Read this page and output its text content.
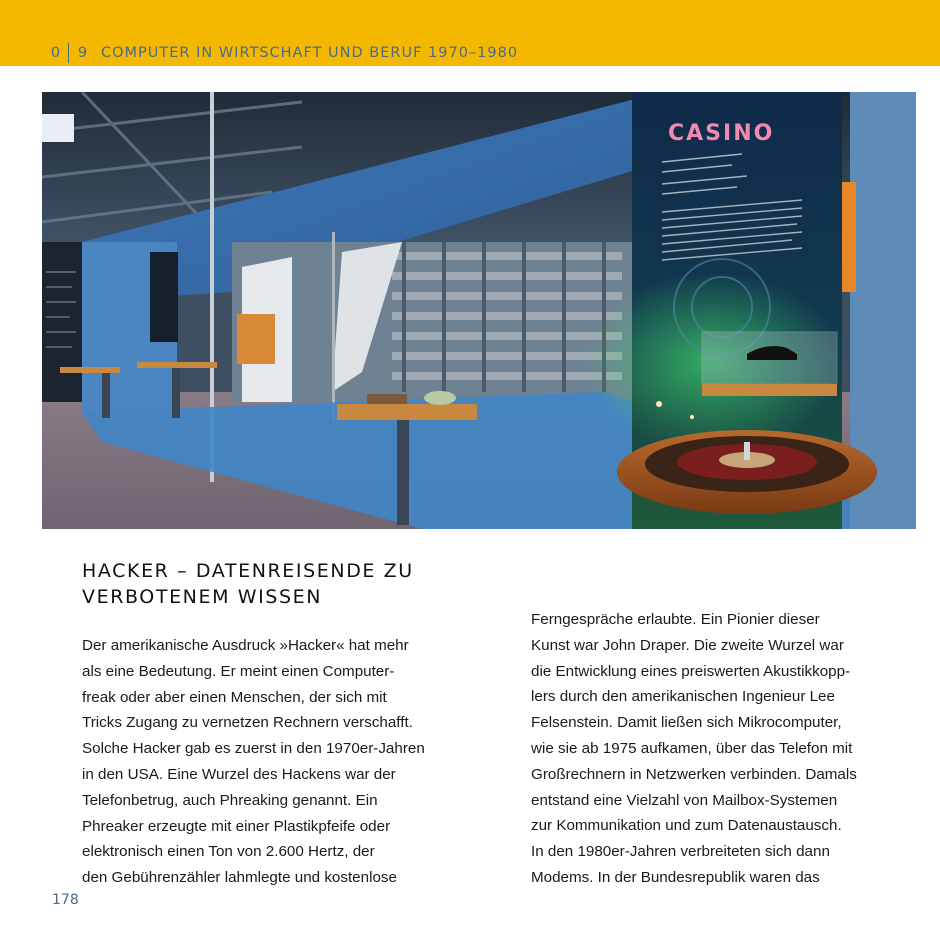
0 9 COMPUTER IN WIRTSCHAFT UND BERUF 1970–1980
CASINO
HACKER – DATENREISENDE ZU
VERBOTENEM WISSEN
Der amerikanische Ausdruck »Hacker« hat mehr
als eine Bedeutung. Er meint einen Computer-
freak oder aber einen Menschen, der sich mit
Tricks Zugang zu vernetzen Rechnern verschafft.
Solche Hacker gab es zuerst in den 1970er-Jahren
in den USA. Eine Wurzel des Hackens war der
Telefonbetrug, auch Phreaking genannt. Ein
Phreaker erzeugte mit einer Plastikpfeife oder
elektronisch einen Ton von 2.600 Hertz, der
den Gebührenzähler lahmlegte und kostenlose
Ferngespräche erlaubte. Ein Pionier dieser
Kunst war John Draper. Die zweite Wurzel war
die Entwicklung eines preiswerten Akustikkopp-
lers durch den amerikanischen Ingenieur Lee
Felsenstein. Damit ließen sich Mikrocomputer,
wie sie ab 1975 aufkamen, über das Telefon mit
Großrechnern in Netzwerken verbinden. Damals
entstand eine Vielzahl von Mailbox-Systemen
zur Kommunikation und zum Datenaustausch.
In den 1980er-Jahren verbreiteten sich dann
Modems. In der Bundesrepublik waren das
178
